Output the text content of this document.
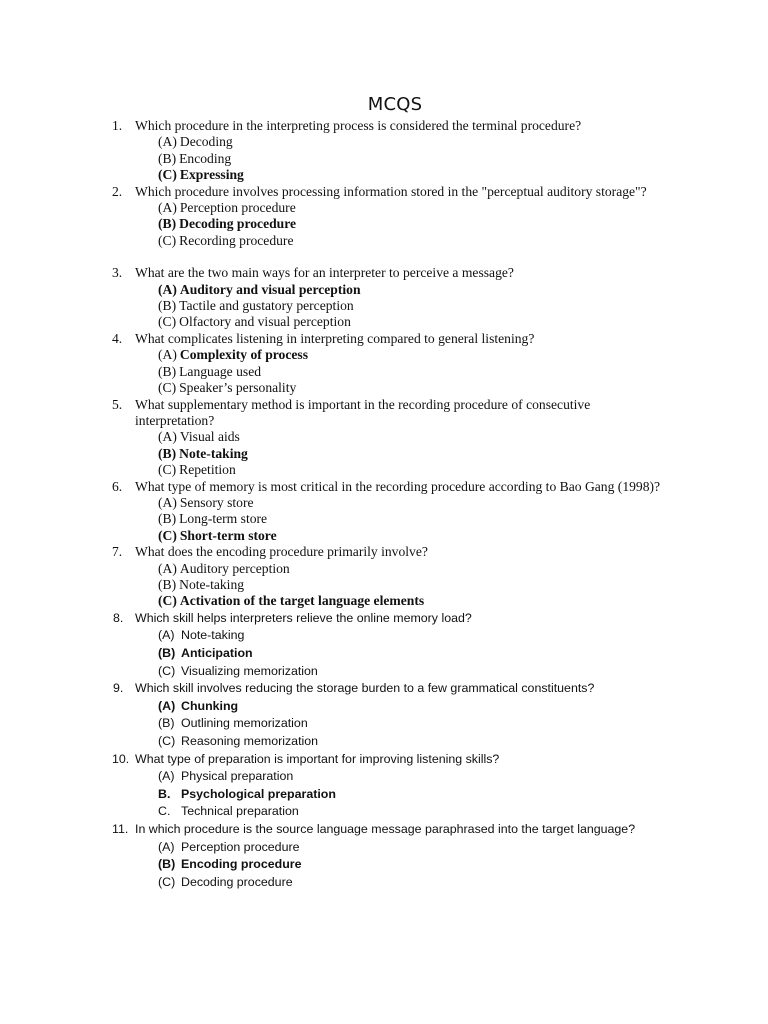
MCQS
1. Which procedure in the interpreting process is considered the terminal procedure?
(A) Decoding
(B) Encoding
(C) Expressing
2. Which procedure involves processing information stored in the "perceptual auditory storage"?
(A) Perception procedure
(B) Decoding procedure
(C) Recording procedure
3. What are the two main ways for an interpreter to perceive a message?
(A) Auditory and visual perception
(B) Tactile and gustatory perception
(C) Olfactory and visual perception
4. What complicates listening in interpreting compared to general listening?
(A) Complexity of process
(B) Language used
(C) Speaker’s personality
5. What supplementary method is important in the recording procedure of consecutive interpretation?
(A) Visual aids
(B) Note-taking
(C) Repetition
6. What type of memory is most critical in the recording procedure according to Bao Gang (1998)?
(A) Sensory store
(B) Long-term store
(C) Short-term store
7. What does the encoding procedure primarily involve?
(A) Auditory perception
(B) Note-taking
(C) Activation of the target language elements
8. Which skill helps interpreters relieve the online memory load?
(A) Note-taking
(B) Anticipation
(C) Visualizing memorization
9. Which skill involves reducing the storage burden to a few grammatical constituents?
(A) Chunking
(B) Outlining memorization
(C) Reasoning memorization
10. What type of preparation is important for improving listening skills?
(A) Physical preparation
B. Psychological preparation
C. Technical preparation
11. In which procedure is the source language message paraphrased into the target language?
(A) Perception procedure
(B) Encoding procedure
(C) Decoding procedure
